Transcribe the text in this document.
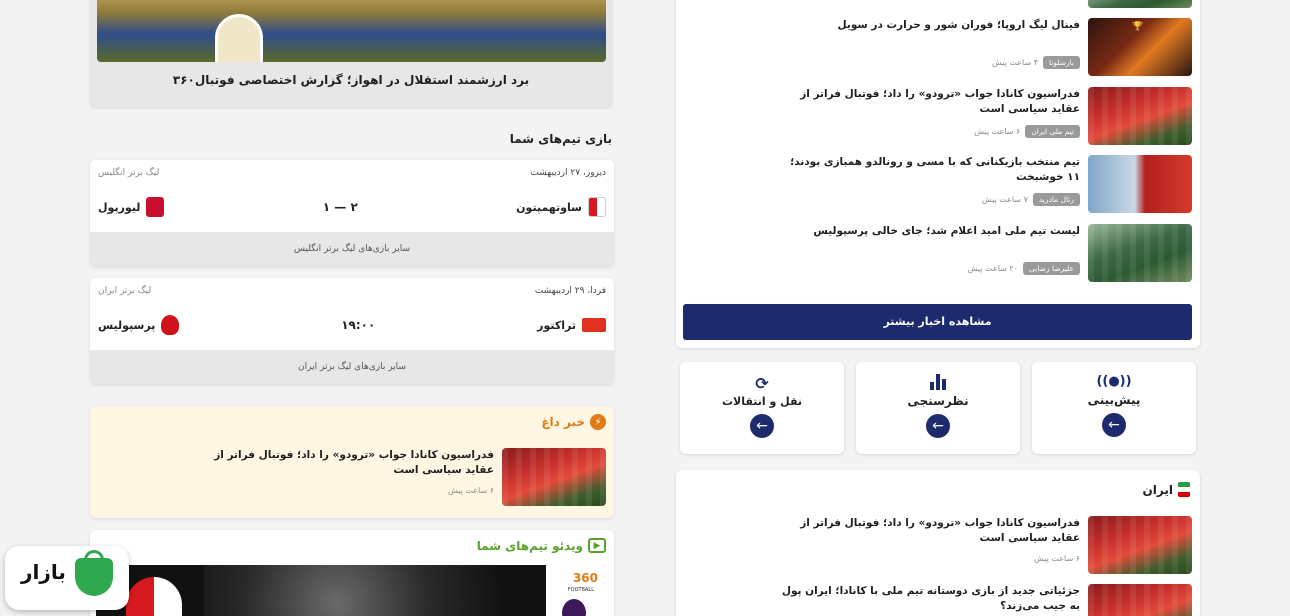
برد ارزشمند استقلال در اهواز؛ گزارش اختصاصی فوتبال۳۶۰
بازی تیم‌های شما
دیروز، ۲۷ اردیبهشت
لیگ برتر انگلیس
ساوتهمپتون
۱ — ۲
لیورپول
سایر بازی‌های لیگ برتر انگلیس
فردا، ۲۹ اردیبهشت
لیگ برتر ایران
تراکتور
۱۹:۰۰
پرسپولیس
سایر بازی‌های لیگ برتر ایران
⚡
خبر داغ
فدراسیون کانادا جواب «ترودو» را داد؛ فوتبال فراتر از عقاید سیاسی است
۶ ساعت پیش
▶
ویدئو تیم‌های شما
360
FOOTBALL
🏆
فینال لیگ اروپا؛ فوران شور و حرارت در سویل
بارسلونا
۴ ساعت پیش
فدراسیون کانادا جواب «ترودو» را داد؛ فوتبال فراتر از عقاید سیاسی است
تیم ملی ایران
۶ ساعت پیش
تیم منتخب بازیکنانی که با مسی و رونالدو همبازی بودند؛ ۱۱ خوشبخت
رئال مادرید
۷ ساعت پیش
لیست تیم ملی امید اعلام شد؛ جای خالی پرسپولیس
علیرضا رضایی
۲۰ ساعت پیش
مشاهده اخبار بیشتر
⟳
نقل و انتقالات
←
نظرسنجی
←
((●))
پیش‌بینی
←
ایران
فدراسیون کانادا جواب «ترودو» را داد؛ فوتبال فراتر از عقاید سیاسی است
۶ ساعت پیش
جزئیاتی جدید از بازی دوستانه تیم ملی با کانادا؛ ایران پول به جیب می‌زند؟
بازار
